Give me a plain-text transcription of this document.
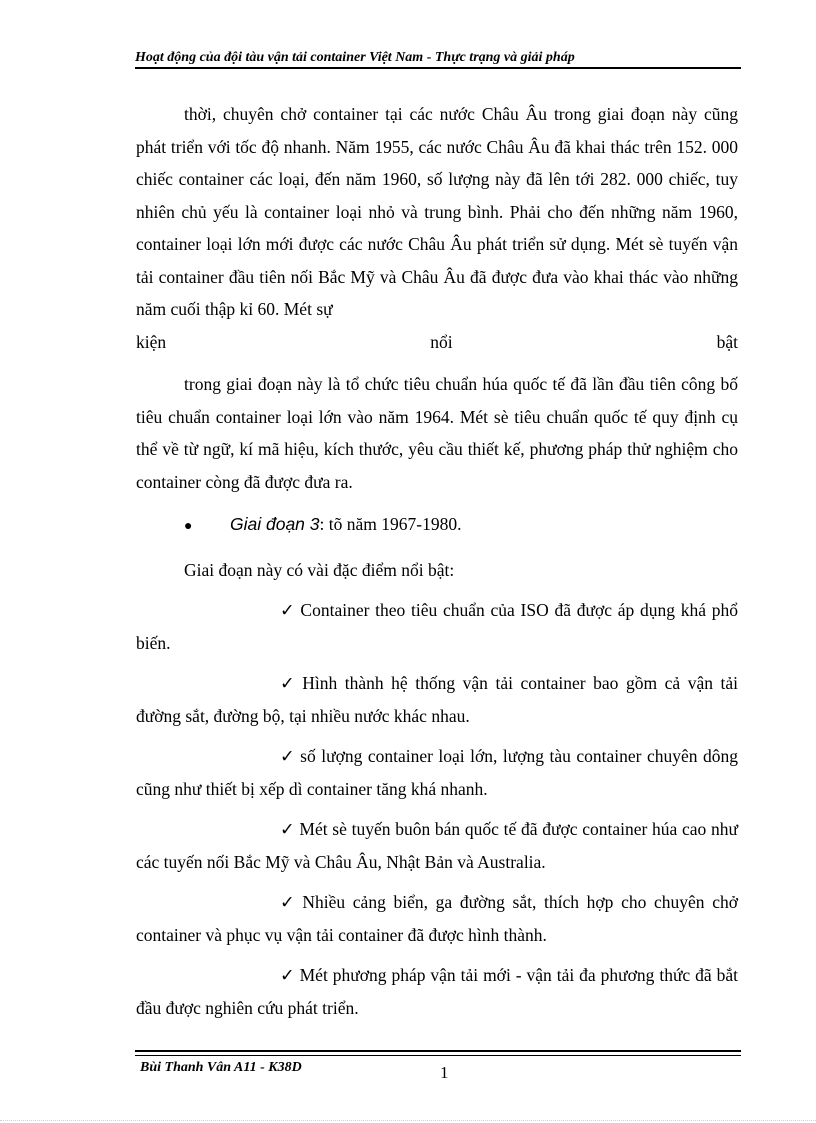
Hoạt động của đội tàu vận tải container Việt Nam - Thực trạng và giải pháp

thời, chuyên chở container tại các nước Châu Âu trong giai đoạn này cũng phát triển với tốc độ nhanh. Năm 1955, các nước Châu Âu đã khai thác trên 152. 000 chiếc container các loại, đến năm 1960, số lượng này đã lên tới 282. 000 chiếc, tuy nhiên chủ yếu là container loại nhỏ và trung bình. Phải cho đến những năm 1960, container loại lớn mới được các nước Châu Âu phát triển sử dụng. Mét sè tuyến vận tải container đầu tiên nối Bắc Mỹ và Châu Âu đã được đưa vào khai thác vào những năm cuối thập kỉ 60. Mét sự

kiện	nổi	bật

trong giai đoạn này là tổ chức tiêu chuẩn húa quốc tế đã lần đầu tiên công bố tiêu chuẩn container loại lớn vào năm 1964. Mét sè tiêu chuẩn quốc tế quy định cụ thể về từ ngữ, kí mã hiệu, kích thước, yêu cầu thiết kế, phương pháp thử nghiệm cho container còng đã được đưa ra.

●	Giai đoạn 3: tõ năm 1967-1980.

Giai đoạn này có vài đặc điểm nổi bật:

✓ Container theo tiêu chuẩn của ISO đã được áp dụng khá phổ biến.

✓ Hình thành hệ thống vận tải container bao gồm cả vận tải đường sắt, đường bộ, tại nhiều nước khác nhau.

✓ số lượng container loại lớn, lượng tàu container chuyên dông cũng như thiết bị xếp dì container tăng khá nhanh.

✓ Mét sè tuyến buôn bán quốc tế đã được container húa cao như các tuyến nối Bắc Mỹ và Châu Âu, Nhật Bản và Australia.

✓ Nhiều cảng biển, ga đường sắt, thích hợp cho chuyên chở container và phục vụ vận tải container đã được hình thành.

✓ Mét phương pháp vận tải mới - vận tải đa phương thức đã bắt đầu được nghiên cứu phát triển.

Bùi Thanh Vân A11 - K38D	1
